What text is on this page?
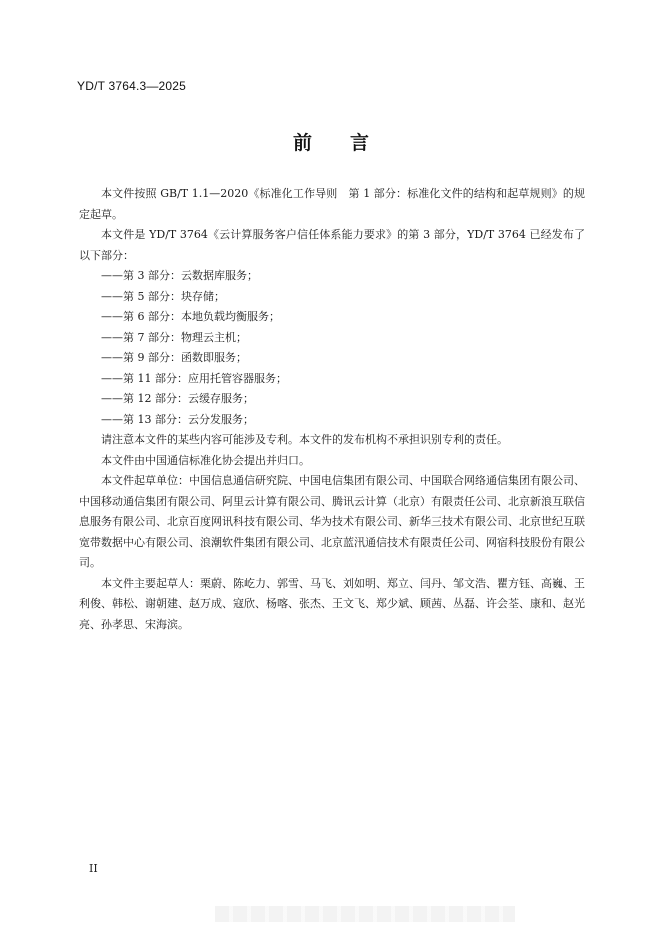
YD/T 3764.3—2025
前　　言

本文件按照 GB/T 1.1—2020《标准化工作导则　第 1 部分：标准化文件的结构和起草规则》的规定起草。

本文件是 YD/T 3764《云计算服务客户信任体系能力要求》的第 3 部分，YD/T 3764 已经发布了以下部分：

——第 3 部分：云数据库服务；

——第 5 部分：块存储；

——第 6 部分：本地负载均衡服务；

——第 7 部分：物理云主机；

——第 9 部分：函数即服务；

——第 11 部分：应用托管容器服务；

——第 12 部分：云缓存服务；

——第 13 部分：云分发服务；

请注意本文件的某些内容可能涉及专利。本文件的发布机构不承担识别专利的责任。

本文件由中国通信标准化协会提出并归口。

本文件起草单位：中国信息通信研究院、中国电信集团有限公司、中国联合网络通信集团有限公司、中国移动通信集团有限公司、阿里云计算有限公司、腾讯云计算（北京）有限责任公司、北京新浪互联信息服务有限公司、北京百度网讯科技有限公司、华为技术有限公司、新华三技术有限公司、北京世纪互联宽带数据中心有限公司、浪潮软件集团有限公司、北京蓝汛通信技术有限责任公司、网宿科技股份有限公司。

本文件主要起草人：栗蔚、陈屹力、郭雪、马飞、刘如明、郑立、闫丹、邹文浩、瞿方钰、高巍、王利俊、韩松、谢朝建、赵万成、寇欣、杨喀、张杰、王文飞、郑少斌、顾茜、丛磊、许会荃、康和、赵光亮、孙孝思、宋海滨。

II
